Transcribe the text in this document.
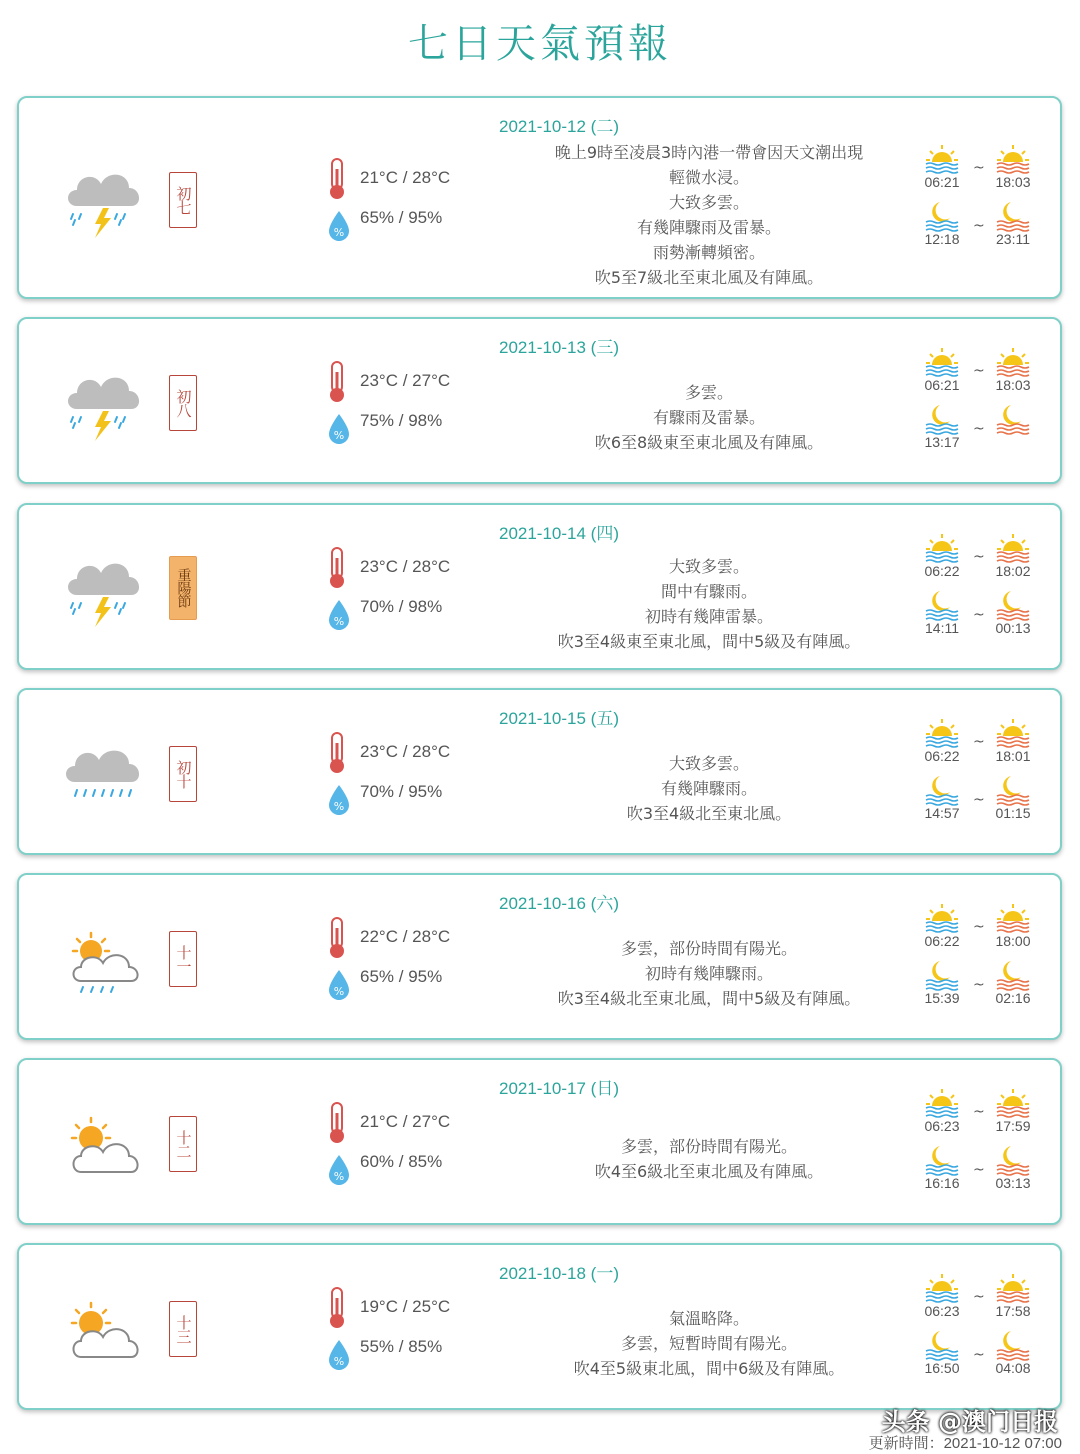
七日天氣預報
2021-10-12 (二)
初七
21°C / 28°C
%
65% / 95%
晚上9時至凌晨3時內港一帶會因天文潮出現
輕微水浸。
大致多雲。
有幾陣驟雨及雷暴。
雨勢漸轉頻密。
吹5至7級北至東北風及有陣風。
06:21	18:03
12:18	23:11
~
~
2021-10-13 (三)
初八
23°C / 27°C
%
75% / 98%
多雲。
有驟雨及雷暴。
吹6至8級東至東北風及有陣風。
06:21	18:03
13:17
~
~
2021-10-14 (四)
重陽節
23°C / 28°C
%
70% / 98%
大致多雲。
間中有驟雨。
初時有幾陣雷暴。
吹3至4級東至東北風，間中5級及有陣風。
06:22	18:02
14:11	00:13
~
~
2021-10-15 (五)
初十
23°C / 28°C
%
70% / 95%
大致多雲。
有幾陣驟雨。
吹3至4級北至東北風。
06:22	18:01
14:57	01:15
~
~
2021-10-16 (六)
十一
22°C / 28°C
%
65% / 95%
多雲，部份時間有陽光。
初時有幾陣驟雨。
吹3至4級北至東北風，間中5級及有陣風。
06:22	18:00
15:39	02:16
~
~
2021-10-17 (日)
十二
21°C / 27°C
%
60% / 85%
多雲，部份時間有陽光。
吹4至6級北至東北風及有陣風。
06:23	17:59
16:16	03:13
~
~
2021-10-18 (一)
十三
19°C / 25°C
%
55% / 85%
氣溫略降。
多雲，短暫時間有陽光。
吹4至5級東北風，間中6級及有陣風。
06:23	17:58
16:50	04:08
~
~
头条 @澳门日报
更新時間：2021-10-12 07:00
